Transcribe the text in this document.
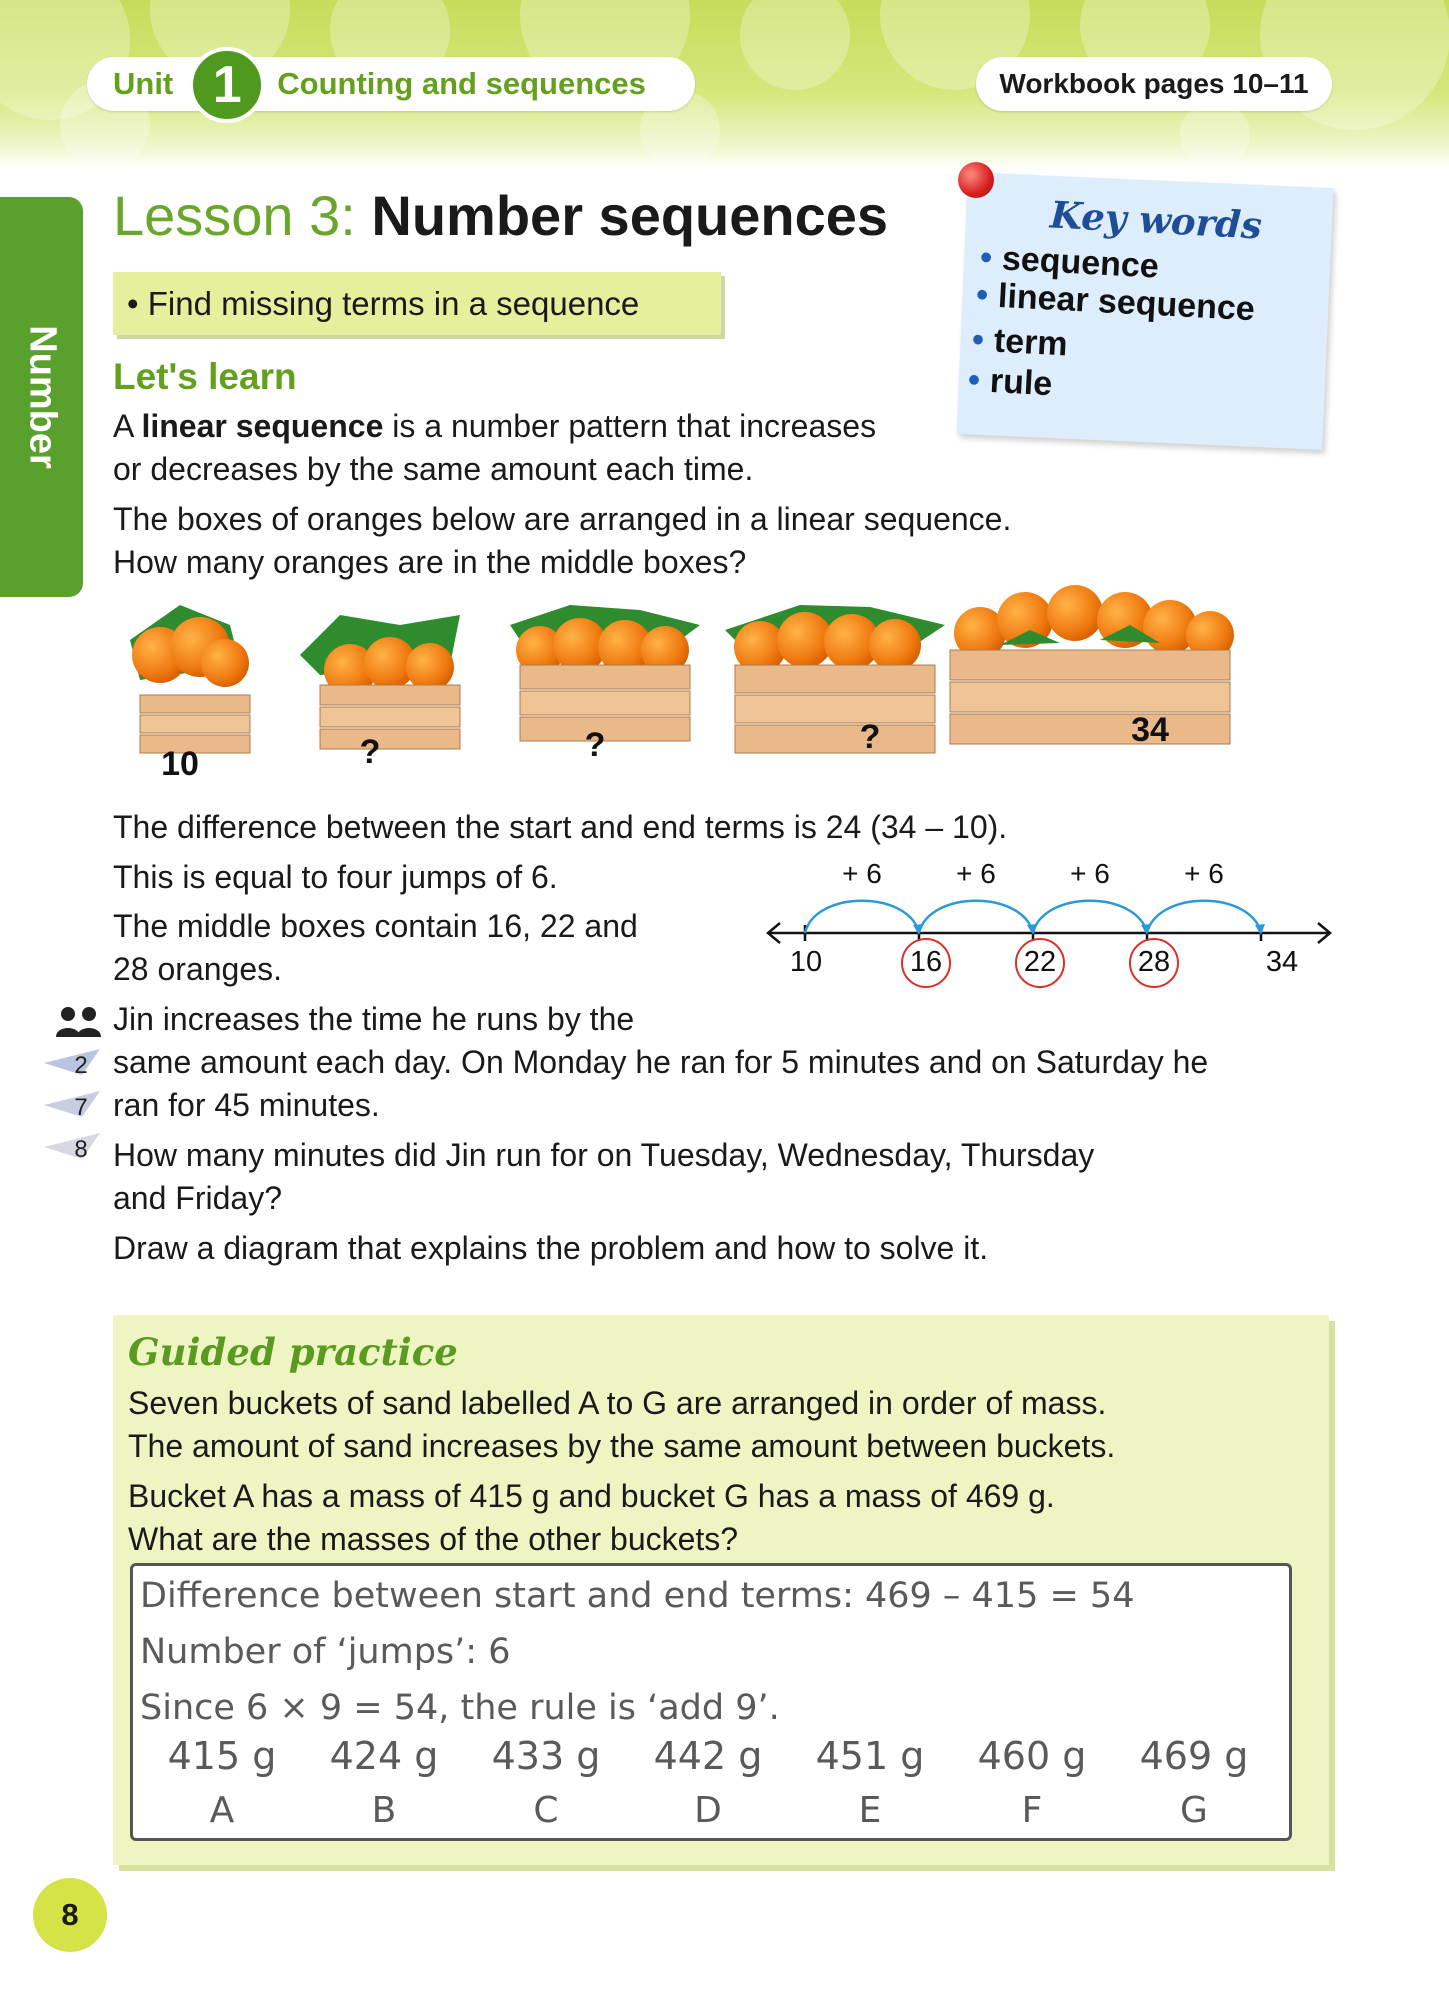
Unit 1	Counting and sequences	Workbook pages 10–11
Number
Lesson 3: Number sequences
• Find missing terms in a sequence
Key words
• sequence
• linear sequence
• term
• rule
Let's learn
A linear sequence is a number pattern that increases
or decreases by the same amount each time.
The boxes of oranges below are arranged in a linear sequence.
How many oranges are in the middle boxes?
10	?	?	?	34
The difference between the start and end terms is 24 (34 – 10).
This is equal to four jumps of 6.
The middle boxes contain 16, 22 and
28 oranges.
+ 6	+ 6	+ 6	+ 6
10	16	22	28	34
2
7
8
Jin increases the time he runs by the
same amount each day. On Monday he ran for 5 minutes and on Saturday he
ran for 45 minutes.
How many minutes did Jin run for on Tuesday, Wednesday, Thursday
and Friday?
Draw a diagram that explains the problem and how to solve it.
Guided practice
Seven buckets of sand labelled A to G are arranged in order of mass.
The amount of sand increases by the same amount between buckets.
Bucket A has a mass of 415 g and bucket G has a mass of 469 g.
What are the masses of the other buckets?
Difference between start and end terms: 469 – 415 = 54
Number of ‘jumps’: 6
Since 6 × 9 = 54, the rule is ‘add 9’.
415 g	424 g	433 g	442 g	451 g	460 g	469 g
A	B	C	D	E	F	G
8
